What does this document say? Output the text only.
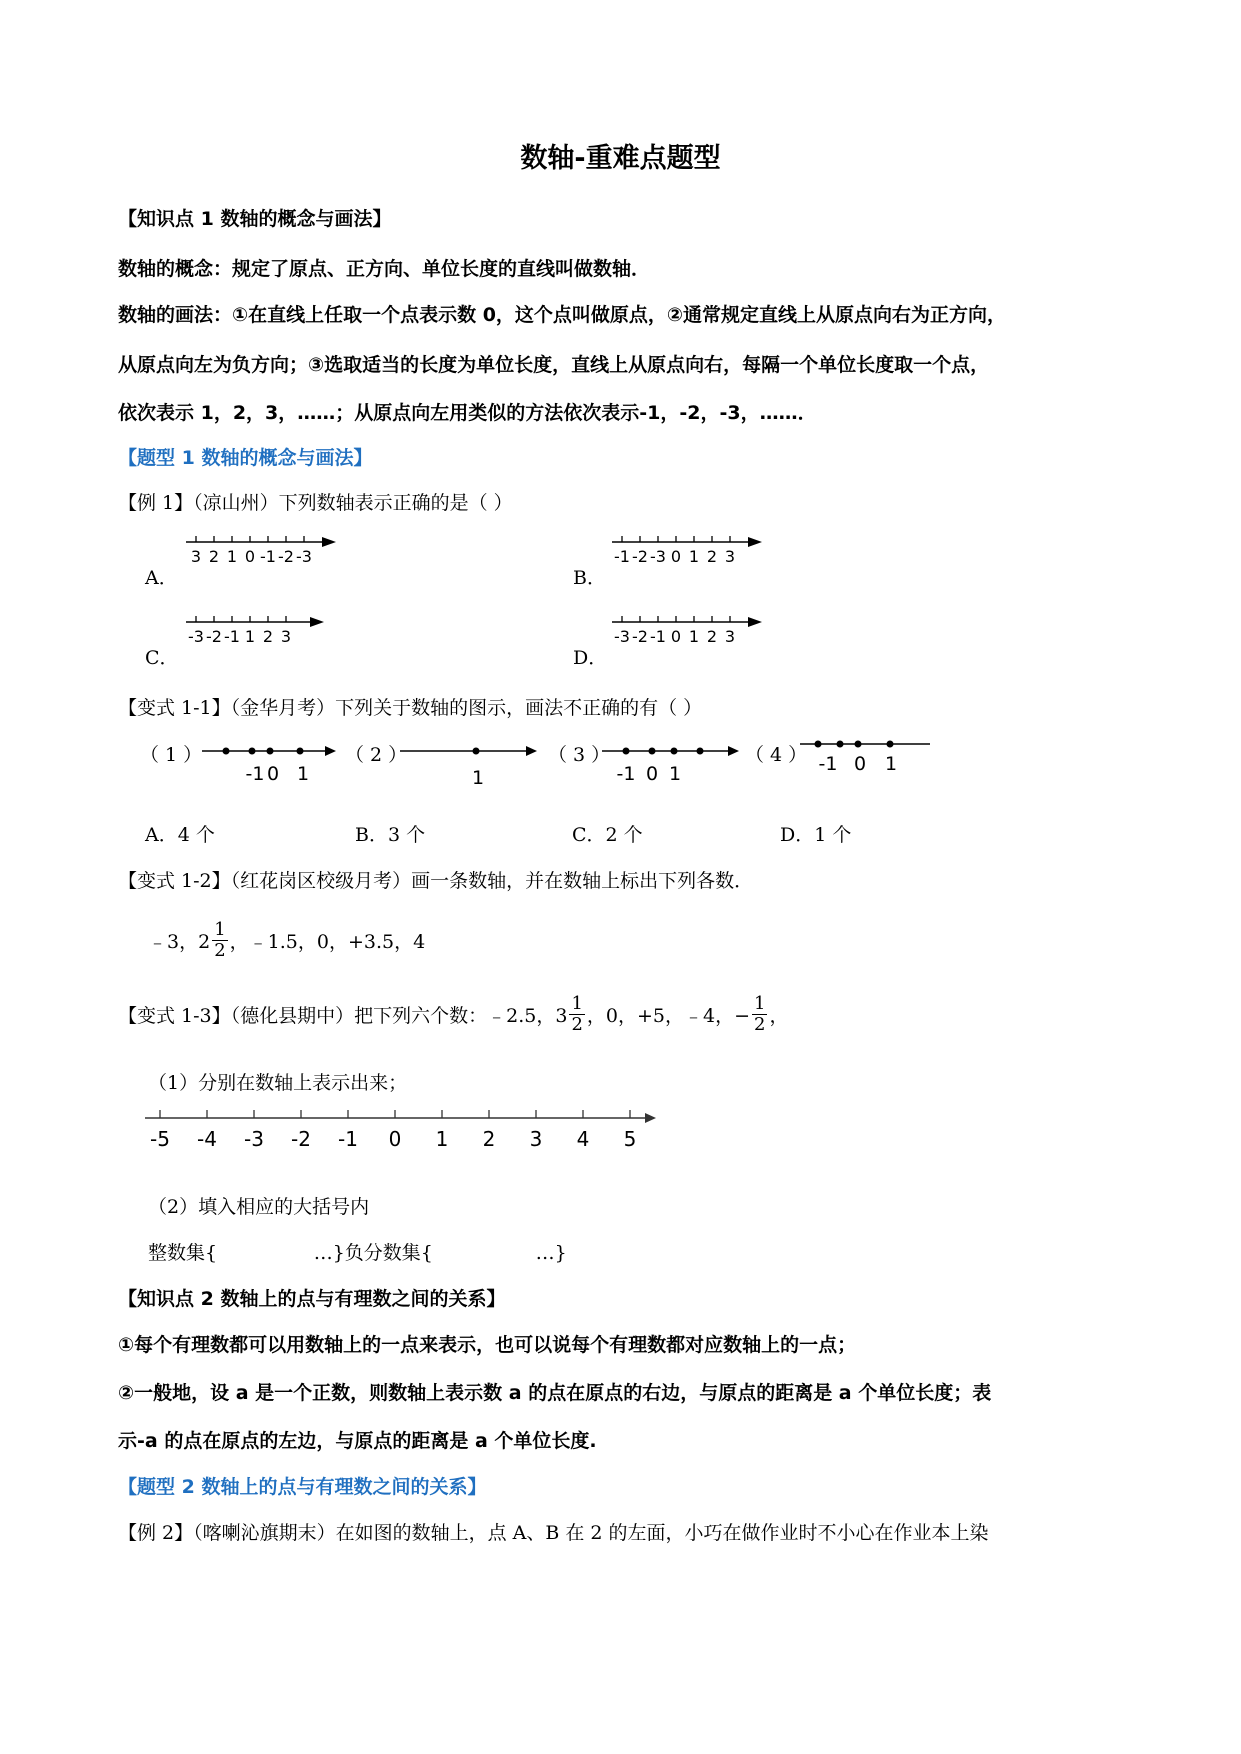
数轴-重难点题型
【知识点 1 数轴的概念与画法】
数轴的概念：规定了原点、正方向、单位长度的直线叫做数轴．
数轴的画法：①在直线上任取一个点表示数 0，这个点叫做原点，②通常规定直线上从原点向右为正方向，
从原点向左为负方向；③选取适当的长度为单位长度，直线上从原点向右，每隔一个单位长度取一个点，
依次表示 1，2，3，……；从原点向左用类似的方法依次表示-1，-2，-3，……．
【题型 1 数轴的概念与画法】
【例 1】（凉山州）下列数轴表示正确的是（ ）
A．
3 2 1 0 -1 -2 -3
B．
-1 -2 -3 0 1 2 3
C．
-3 -2 -1 1 2 3
D．
-3 -2 -1 0 1 2 3
【变式 1-1】（金华月考）下列关于数轴的图示，画法不正确的有（ ）
（ 1 ）
-1 0 1
（ 2 ）
1
（ 3 ）
-1 0 1
（ 4 ） -1 0 1
A．4 个	B．3 个	C．2 个	D．1 个
【变式 1-2】（红花岗区校级月考）画一条数轴，并在数轴上标出下列各数．
﹣3，$2 \frac{1}{2}$ ，﹣1.5，0，+3.5，4
【变式 1-3】（德化县期中）把下列六个数：﹣2.5，$3 \frac{1}{2}$ ，0，+5，﹣4，− $\frac{1}{2}$ ，
（1）分别在数轴上表示出来；
-5 -4 -3 -2 -1 0 1 2 3 4 5
（2）填入相应的大括号内
整数集{                …}负分数集{                 …}
【知识点 2 数轴上的点与有理数之间的关系】
①每个有理数都可以用数轴上的一点来表示，也可以说每个有理数都对应数轴上的一点；
②一般地，设 a 是一个正数，则数轴上表示数 a 的点在原点的右边，与原点的距离是 a 个单位长度；表
示-a 的点在原点的左边，与原点的距离是 a 个单位长度.
【题型 2 数轴上的点与有理数之间的关系】
【例 2】（喀喇沁旗期末）在如图的数轴上，点 A、B 在 2 的左面，小巧在做作业时不小心在作业本上染
